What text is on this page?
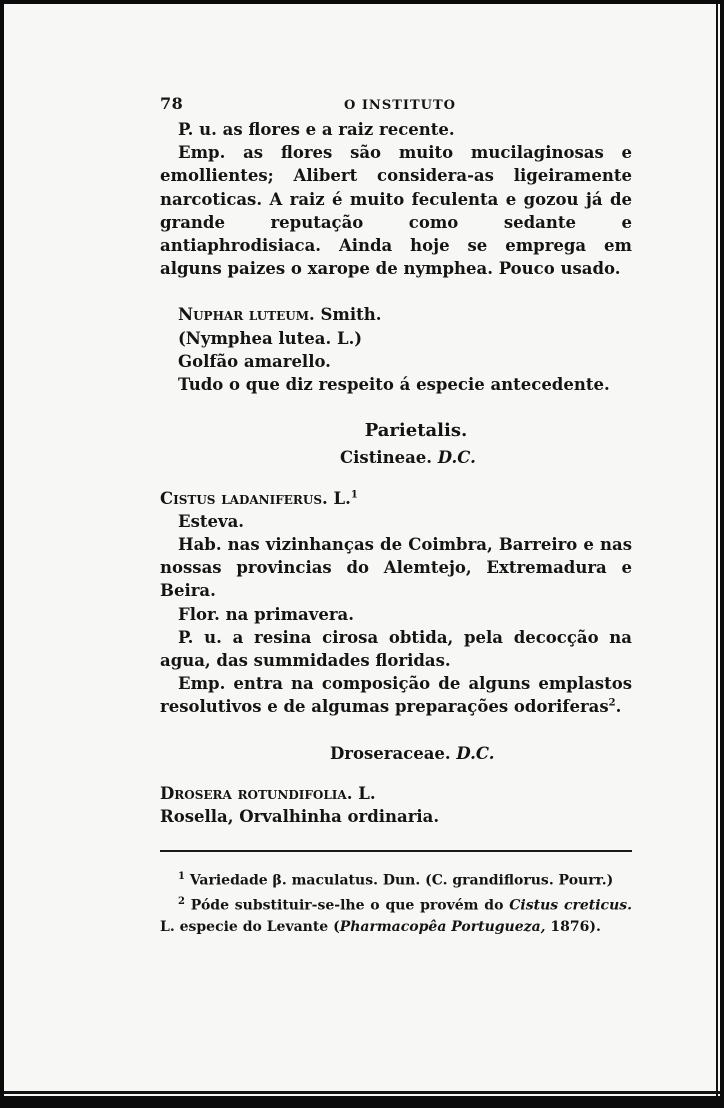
78	O INSTITUTO

P. u. as flores e a raiz recente.

Emp. as flores são muito mucilaginosas e emollientes; Alibert considera-as ligeiramente narcoticas. A raiz é muito feculenta e gozou já de grande reputação como sedante e antiaphrodisiaca. Ainda hoje se emprega em alguns paizes o xarope de nymphea. Pouco usado.

Nuphar luteum. Smith.

(Nymphea lutea. L.)

Golfão amarello.

Tudo o que diz respeito á especie antecedente.

Parietalis.

Cistineae. D.C.

Cistus ladaniferus. L.$^1$

Esteva.

Hab. nas vizinhanças de Coimbra, Barreiro e nas nossas provincias do Alemtejo, Extremadura e Beira.

Flor. na primavera.

P. u. a resina cirosa obtida, pela decocção na agua, das summidades floridas.

Emp. entra na composição de alguns emplastos resolutivos e de algumas preparações odoriferas$^2$.

Droseraceae. D.C.

Drosera rotundifolia. L.

Rosella, Orvalhinha ordinaria.

$^1$ Variedade β. maculatus. Dun. (C. grandiflorus. Pourr.)

$^2$ Póde substituir-se-lhe o que provém do Cistus creticus. L. especie do Levante (Pharmacopêa Portugueza, 1876).
